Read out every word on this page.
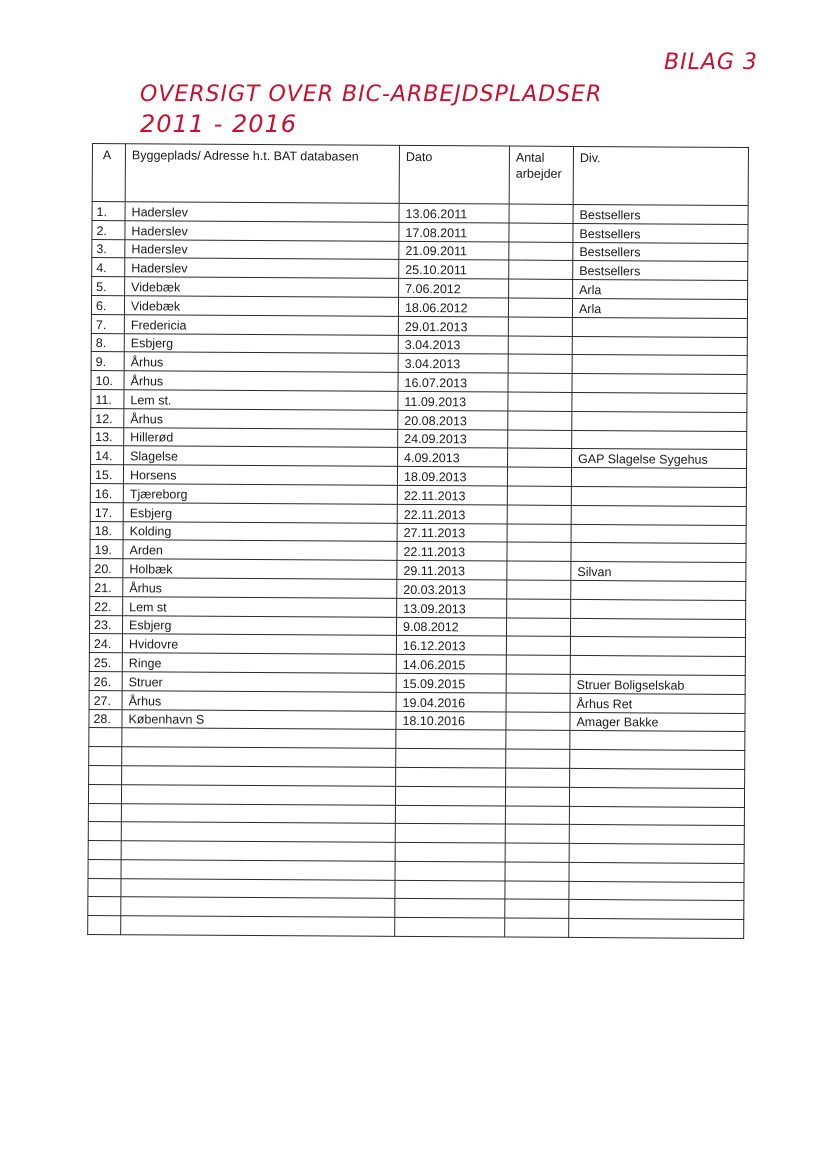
BILAG 3
OVERSIGT OVER BIC-ARBEJDSPLADSER
2011 - 2016
A	Byggeplads/ Adresse h.t. BAT databasen	Dato	Antal arbejder	Div.
1.	Haderslev	13.06.2011		Bestsellers
2.	Haderslev	17.08.2011		Bestsellers
3.	Haderslev	21.09.2011		Bestsellers
4.	Haderslev	25.10.2011		Bestsellers
5.	Videbæk	7.06.2012		Arla
6.	Videbæk	18.06.2012		Arla
7.	Fredericia	29.01.2013		
8.	Esbjerg	3.04.2013		
9.	Århus	3.04.2013		
10.	Århus	16.07.2013		
11.	Lem st.	11.09.2013		
12.	Århus	20.08.2013		
13.	Hillerød	24.09.2013		
14.	Slagelse	4.09.2013		GAP Slagelse Sygehus
15.	Horsens	18.09.2013		
16.	Tjæreborg	22.11.2013		
17.	Esbjerg	22.11.2013		
18.	Kolding	27.11.2013		
19.	Arden	22.11.2013		
20.	Holbæk	29.11.2013		Silvan
21.	Århus	20.03.2013		
22.	Lem st	13.09.2013		
23.	Esbjerg	9.08.2012		
24.	Hvidovre	16.12.2013		
25.	Ringe	14.06.2015		
26.	Struer	15.09.2015		Struer Boligselskab
27.	Århus	19.04.2016		Århus Ret
28.	København S	18.10.2016		Amager Bakke
